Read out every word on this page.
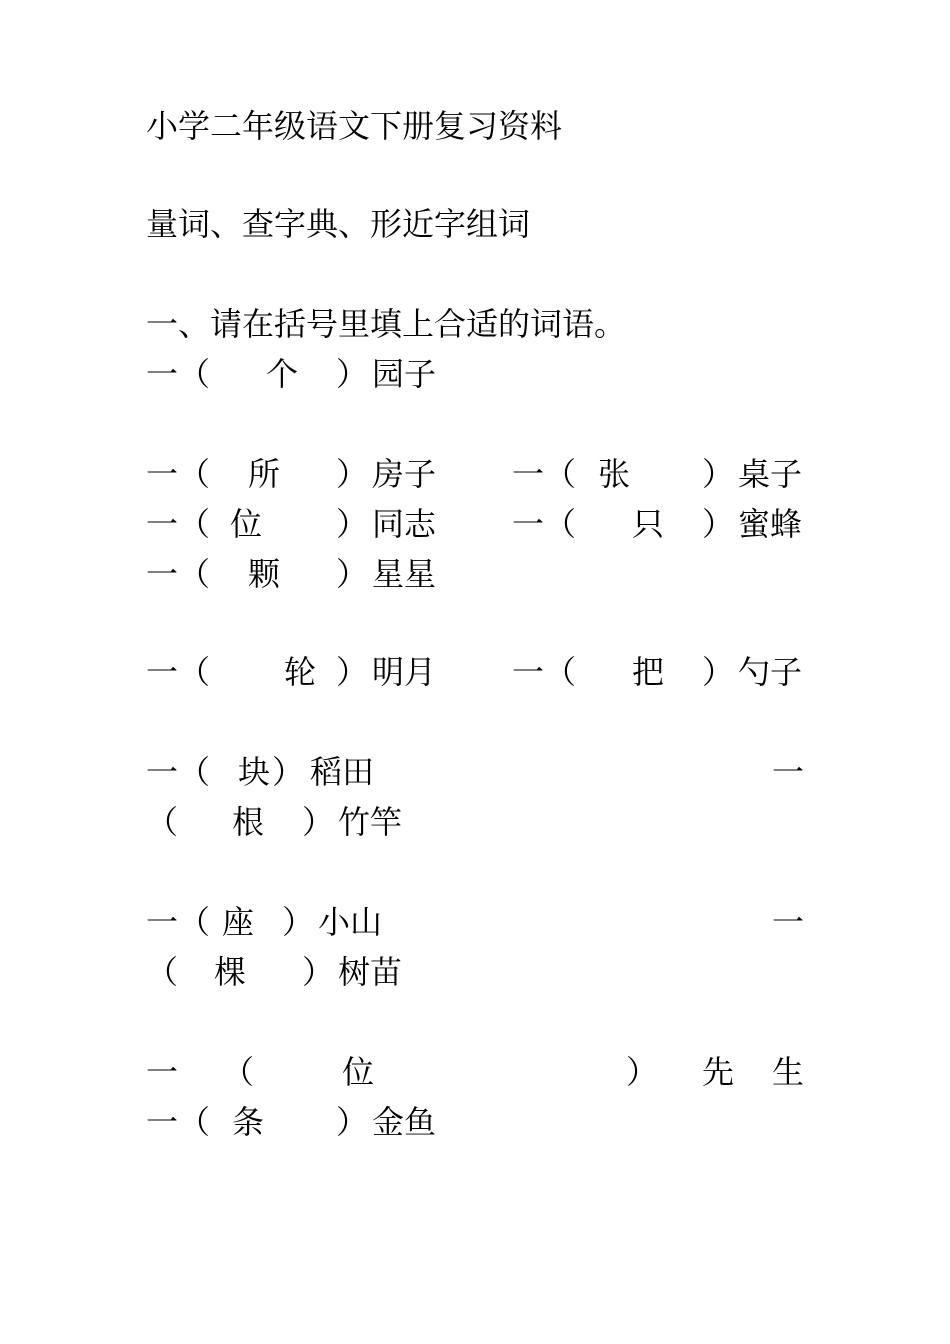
小学二年级语文下册复习资料
量词、查字典、形近字组词
一、请在括号里填上合适的词语。
一（ 个 ） 园子
一（ 所 ） 房子 一（ 张 ） 桌子
一（ 位 ） 同志 一（ 只 ） 蜜蜂
一（ 颗 ） 星星
一（ 轮 ） 明月 一（ 把 ） 勺子
一（ 块 ） 稻田	一
（ 根 ） 竹竿
一（ 座 ） 小山	一
（ 棵 ） 树苗
一 （	位	） 先 生
一（ 条 ） 金鱼
